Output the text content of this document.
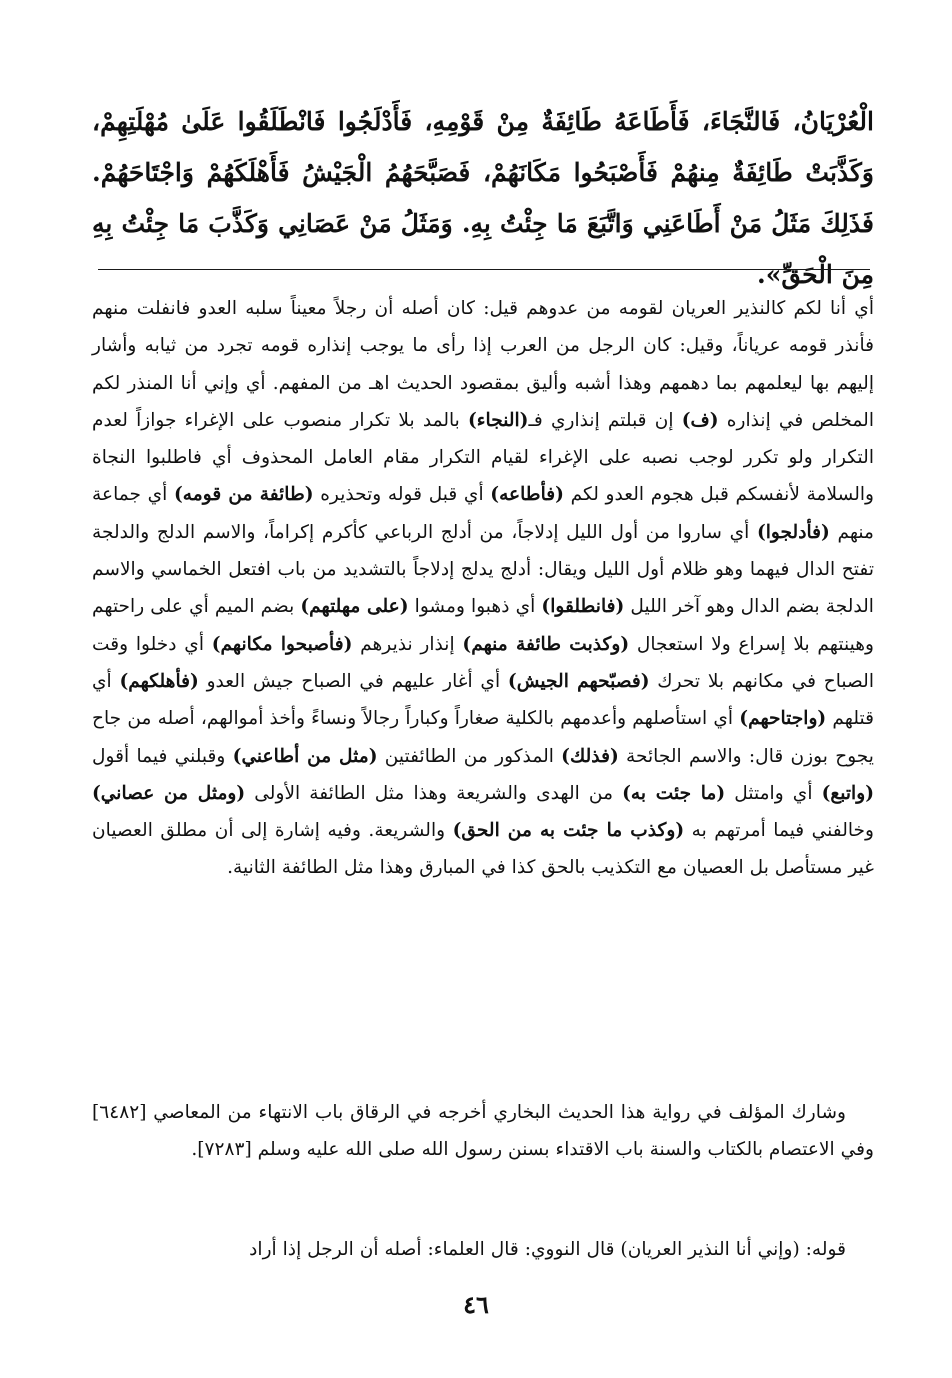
الْعُرْيَانُ، فَالنَّجَاءَ، فَأَطَاعَهُ طَائِفَةٌ مِنْ قَوْمِهِ، فَأَدْلَجُوا فَانْطَلَقُوا عَلَىٰ مُهْلَتِهِمْ، وَكَذَّبَتْ طَائِفَةٌ مِنهُمْ فَأَصْبَحُوا مَكَانَهُمْ، فَصَبَّحَهُمُ الْجَيْشُ فَأَهْلَكَهُمْ وَاجْتَاحَهُمْ. فَذَلِكَ مَثَلُ مَنْ أَطَاعَنِي وَاتَّبَعَ مَا جِئْتُ بِهِ. وَمَثَلُ مَنْ عَصَانِي وَكَذَّبَ مَا جِئْتُ بِهِ مِنَ الْحَقِّ».

أي أنا لكم كالنذير العريان لقومه من عدوهم قيل: كان أصله أن رجلاً معيناً سلبه العدو فانفلت منهم فأنذر قومه عرياناً، وقيل: كان الرجل من العرب إذا رأى ما يوجب إنذاره قومه تجرد من ثيابه وأشار إليهم بها ليعلمهم بما دهمهم وهذا أشبه وأليق بمقصود الحديث اهـ من المفهم. أي وإني أنا المنذر لكم المخلص في إنذاره (ف) إن قبلتم إنذاري فـ(النجاء) بالمد بلا تكرار منصوب على الإغراء جوازاً لعدم التكرار ولو تكرر لوجب نصبه على الإغراء لقيام التكرار مقام العامل المحذوف أي فاطلبوا النجاة والسلامة لأنفسكم قبل هجوم العدو لكم (فأطاعه) أي قبل قوله وتحذيره (طائفة من قومه) أي جماعة منهم (فأدلجوا) أي ساروا من أول الليل إدلاجاً، من أدلج الرباعي كأكرم إكراماً، والاسم الدلج والدلجة تفتح الدال فيهما وهو ظلام أول الليل ويقال: أدلج يدلج إدلاجاً بالتشديد من باب افتعل الخماسي والاسم الدلجة بضم الدال وهو آخر الليل (فانطلقوا) أي ذهبوا ومشوا (على مهلتهم) بضم الميم أي على راحتهم وهينتهم بلا إسراع ولا استعجال (وكذبت طائفة منهم) إنذار نذيرهم (فأصبحوا مكانهم) أي دخلوا وقت الصباح في مكانهم بلا تحرك (فصبّحهم الجيش) أي أغار عليهم في الصباح جيش العدو (فأهلكهم) أي قتلهم (واجتاحهم) أي استأصلهم وأعدمهم بالكلية صغاراً وكباراً رجالاً ونساءً وأخذ أموالهم، أصله من جاح يجوح بوزن قال: والاسم الجائحة (فذلك) المذكور من الطائفتين (مثل من أطاعني) وقبلني فيما أقول (واتبع) أي وامتثل (ما جئت به) من الهدى والشريعة وهذا مثل الطائفة الأولى (ومثل من عصاني) وخالفني فيما أمرتهم به (وكذب ما جئت به من الحق) والشريعة. وفيه إشارة إلى أن مطلق العصيان غير مستأصل بل العصيان مع التكذيب بالحق كذا في المبارق وهذا مثل الطائفة الثانية.

وشارك المؤلف في رواية هذا الحديث البخاري أخرجه في الرقاق باب الانتهاء من المعاصي [٦٤٨٢] وفي الاعتصام بالكتاب والسنة باب الاقتداء بسنن رسول الله صلى الله عليه وسلم [٧٢٨٣].

قوله: (وإني أنا النذير العريان) قال النووي: قال العلماء: أصله أن الرجل إذا أراد

٤٦
